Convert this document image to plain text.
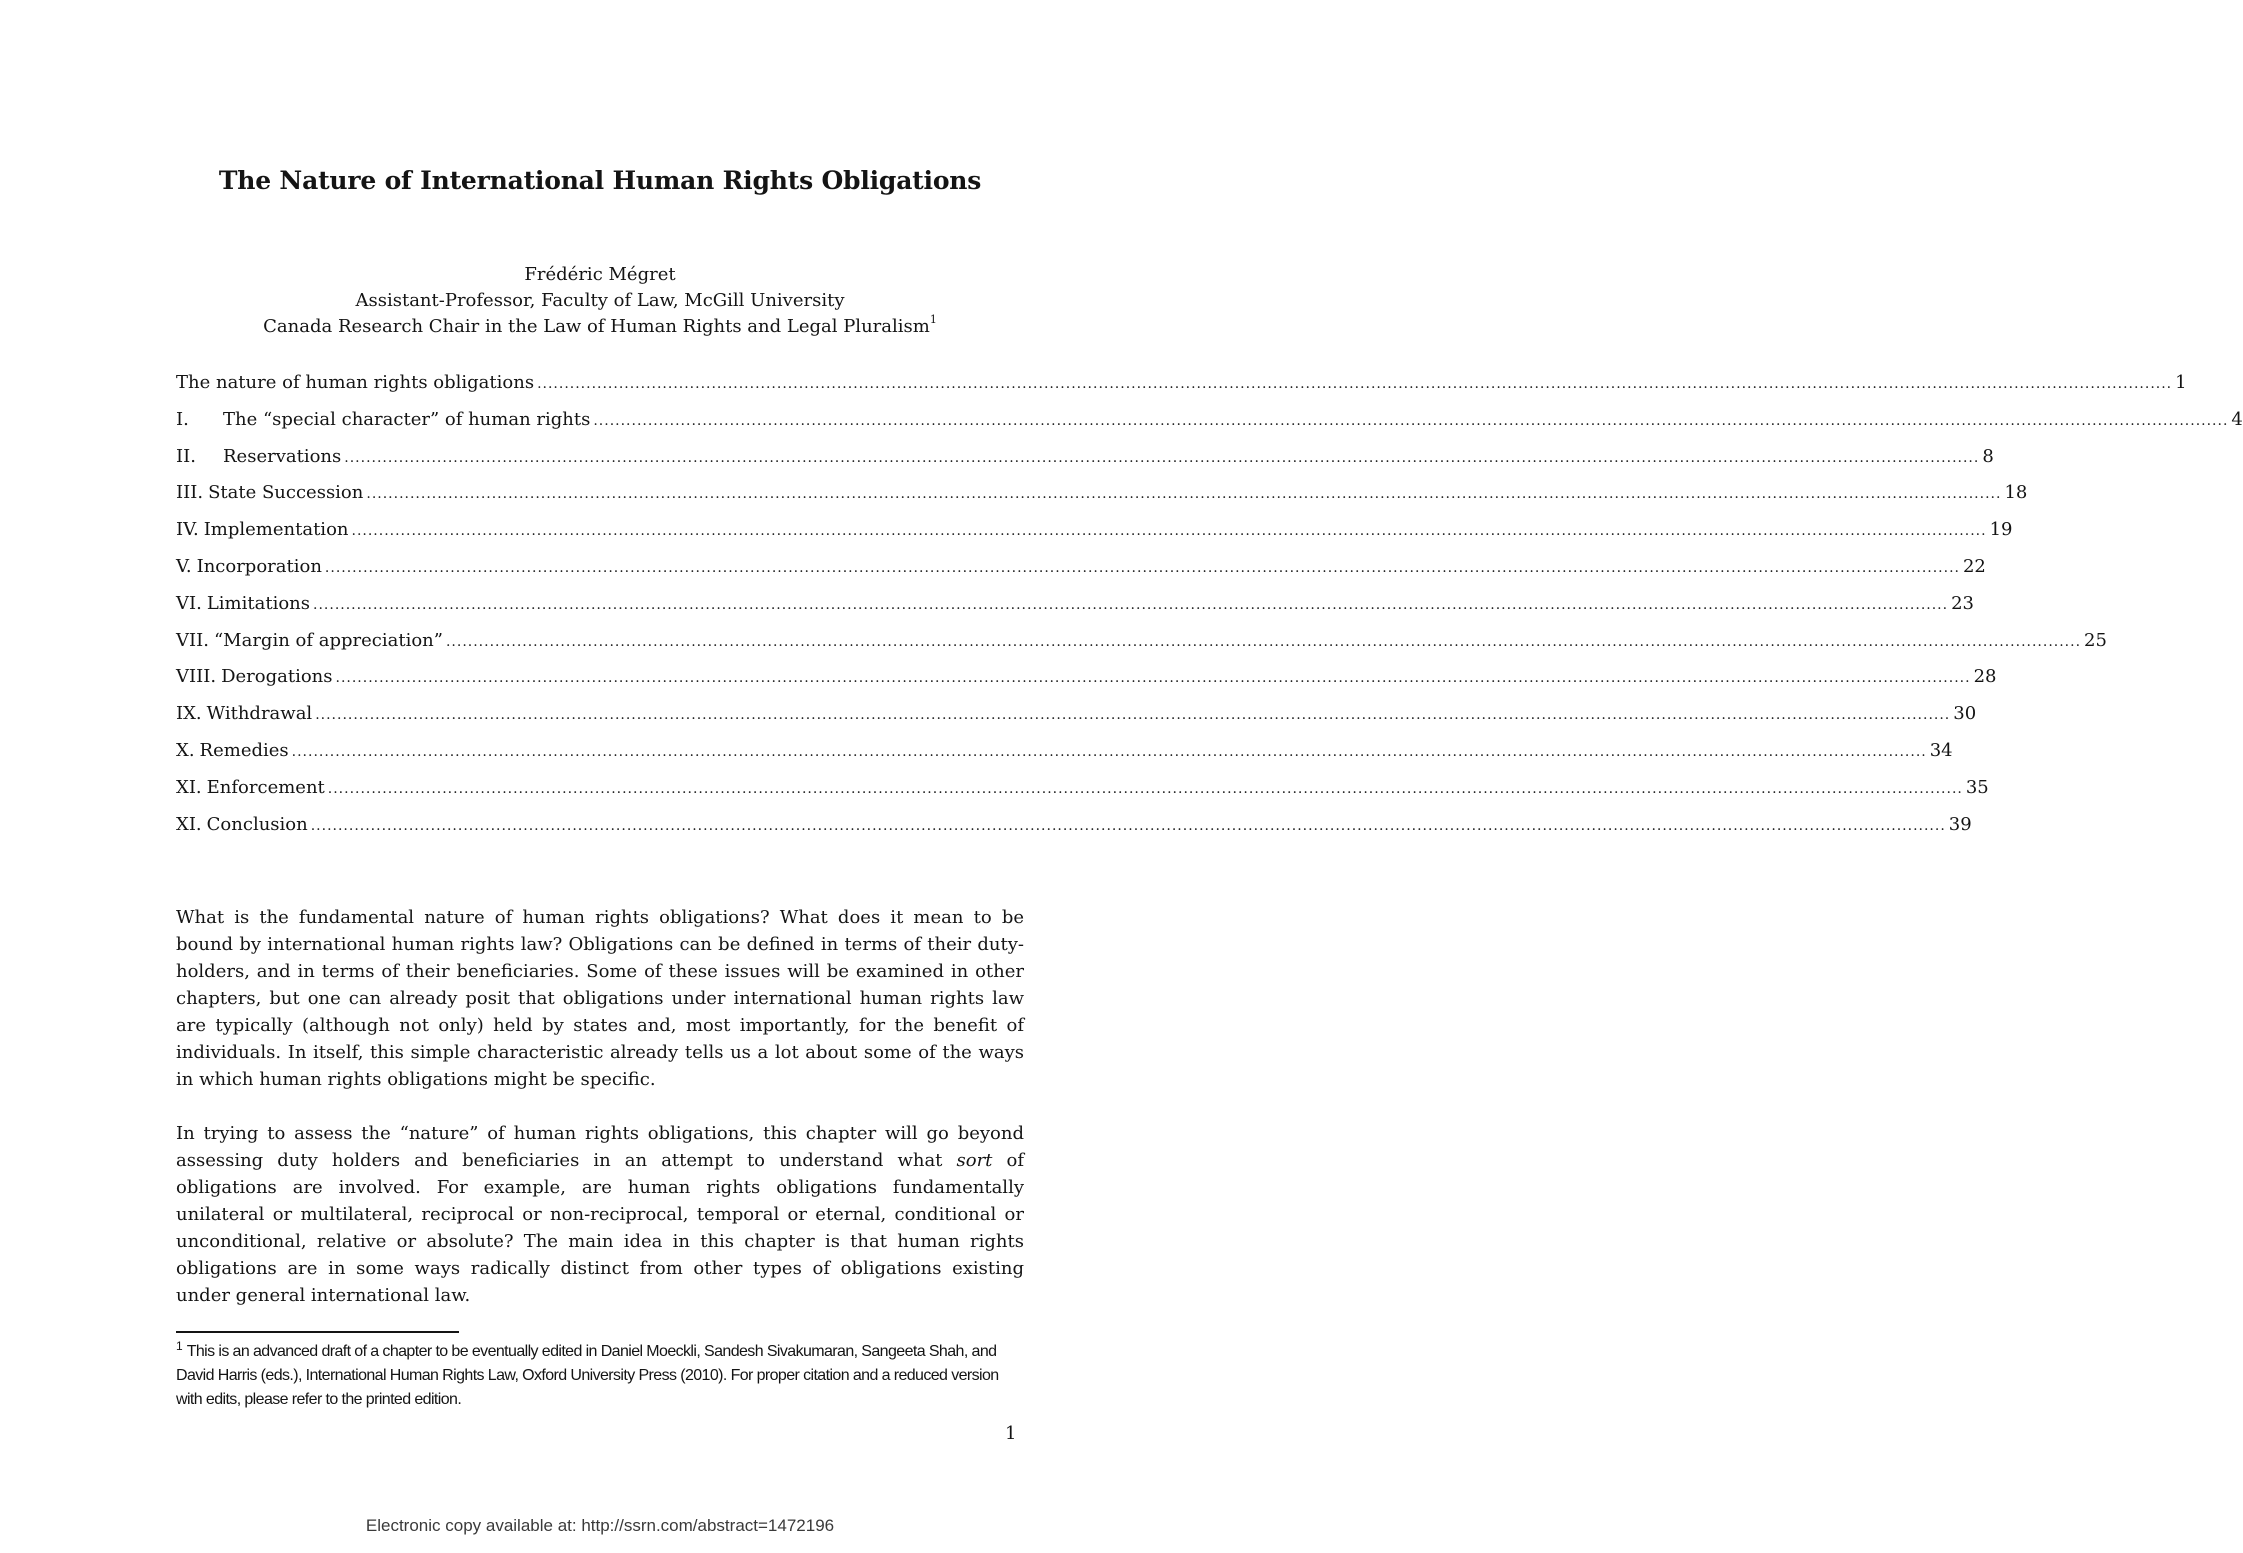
The Nature of International Human Rights Obligations
Frédéric Mégret
Assistant-Professor, Faculty of Law, McGill University
Canada Research Chair in the Law of Human Rights and Legal Pluralism$^1$
The nature of human rights obligations ............................................................................................................................................................................................................................................................................................................ 1
I.	The “special character” of human rights ............................................................................................................................................................................................................................................................................................................ 4
II.	Reservations ............................................................................................................................................................................................................................................................................................................ 8
III. State Succession ............................................................................................................................................................................................................................................................................................................ 18
IV. Implementation ............................................................................................................................................................................................................................................................................................................ 19
V. Incorporation ............................................................................................................................................................................................................................................................................................................ 22
VI. Limitations ............................................................................................................................................................................................................................................................................................................ 23
VII. “Margin of appreciation” ............................................................................................................................................................................................................................................................................................................ 25
VIII. Derogations ............................................................................................................................................................................................................................................................................................................ 28
IX. Withdrawal ............................................................................................................................................................................................................................................................................................................ 30
X. Remedies ............................................................................................................................................................................................................................................................................................................ 34
XI. Enforcement ............................................................................................................................................................................................................................................................................................................ 35
XI. Conclusion ............................................................................................................................................................................................................................................................................................................ 39

What is the fundamental nature of human rights obligations? What does it mean to be bound by international human rights law? Obligations can be defined in terms of their duty-holders, and in terms of their beneficiaries. Some of these issues will be examined in other chapters, but one can already posit that obligations under international human rights law are typically (although not only) held by states and, most importantly, for the benefit of individuals. In itself, this simple characteristic already tells us a lot about some of the ways in which human rights obligations might be specific.

In trying to assess the “nature” of human rights obligations, this chapter will go beyond assessing duty holders and beneficiaries in an attempt to understand what sort of obligations are involved. For example, are human rights obligations fundamentally unilateral or multilateral, reciprocal or non-reciprocal, temporal or eternal, conditional or unconditional, relative or absolute? The main idea in this chapter is that human rights obligations are in some ways radically distinct from other types of obligations existing under general international law.

$^1$ This is an advanced draft of a chapter to be eventually edited in Daniel Moeckli, Sandesh Sivakumaran, Sangeeta Shah, and David Harris (eds.), International Human Rights Law, Oxford University Press (2010). For proper citation and a reduced version with edits, please refer to the printed edition.
1
Electronic copy available at: http://ssrn.com/abstract=1472196
